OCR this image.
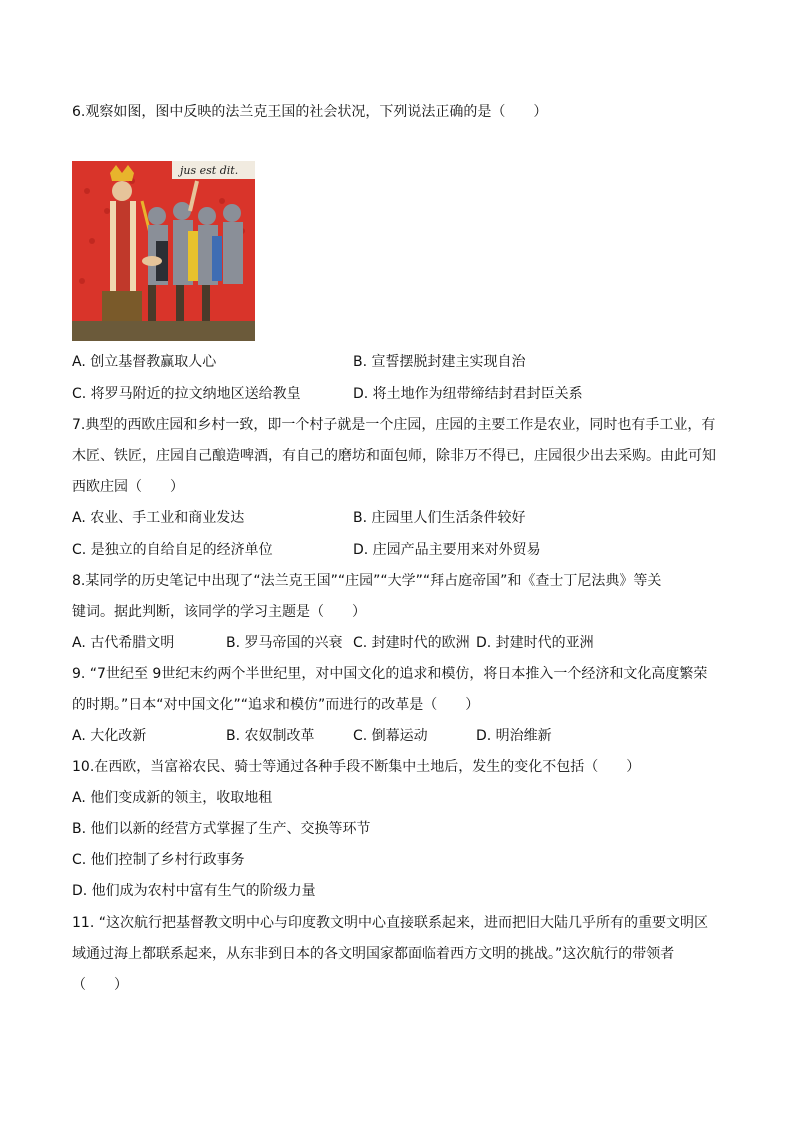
6.观察如图，图中反映的法兰克王国的社会状况，下列说法正确的是（　　）
jus est dit.
A. 创立基督教赢取人心	B. 宣誓摆脱封建主实现自治
C. 将罗马附近的拉文纳地区送给教皇	D. 将土地作为纽带缔结封君封臣关系
7.典型的西欧庄园和乡村一致，即一个村子就是一个庄园，庄园的主要工作是农业，同时也有手工业，有
木匠、铁匠，庄园自己酿造啤酒，有自己的磨坊和面包师，除非万不得已，庄园很少出去采购。由此可知
西欧庄园（　　）
A. 农业、手工业和商业发达	B. 庄园里人们生活条件较好
C. 是独立的自给自足的经济单位	D. 庄园产品主要用来对外贸易
8.某同学的历史笔记中出现了“法兰克王国”“庄园”“大学”“拜占庭帝国”和《查士丁尼法典》等关
键词。据此判断，该同学的学习主题是（　　）
A. 古代希腊文明	B. 罗马帝国的兴衰 C. 封建时代的欧洲 D. 封建时代的亚洲
9. “7世纪至 9世纪末约两个半世纪里，对中国文化的追求和模仿，将日本推入一个经济和文化高度繁荣
的时期。”日本“对中国文化”“追求和模仿”而进行的改革是（　　）
A. 大化改新	B. 农奴制改革	C. 倒幕运动	D. 明治维新
10.在西欧，当富裕农民、骑士等通过各种手段不断集中土地后，发生的变化不包括（　　）
A. 他们变成新的领主，收取地租
B. 他们以新的经营方式掌握了生产、交换等环节
C. 他们控制了乡村行政事务
D. 他们成为农村中富有生气的阶级力量
11. “这次航行把基督教文明中心与印度教文明中心直接联系起来，进而把旧大陆几乎所有的重要文明区
域通过海上都联系起来，从东非到日本的各文明国家都面临着西方文明的挑战。”这次航行的带领者
（　　）
